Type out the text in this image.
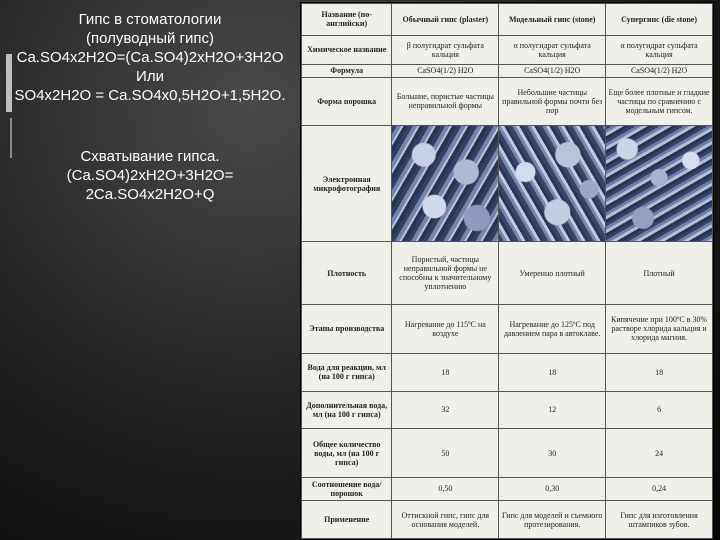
Гипс в стоматологии
(полуводный гипс)
Ca.SO4x2H2O=(Ca.SO4)2xH2O+3H2O
Или
SO4x2H2O = Ca.SO4x0,5H2O+1,5H2O.
Схватывание гипса.
(Ca.SO4)2xH2O+3H2O=
2Ca.SO4x2H2O+Q
Название (по-английски)	Обычный гипс (plaster)	Модельный гипс (stone)	Супергипс (die stone)
Химическое название	β полугидрат сульфата кальция	α полугидрат сульфата кальция	α полугидрат сульфата кальция
Формула	CaSO4(1/2) H2O	CaSO4(1/2) H2O	CaSO4(1/2) H2O
Форма порошка	Большие, пористые частицы неправильной формы	Небольшие частицы правильной формы почти без пор	Еще более плотные и гладкие частицы по сравнению с модельным гипсом.
Электронная микрофотография	

Плотность	Пористый, частицы неправильной формы не способны к значительному уплотнению	Умеренно плотный	Плотный
Этапы производства	Нагревание до 115ºC на воздухе	Нагревание до 125ºC под давлением пара в автоклаве.	Кипячение при 100ºC в 30% растворе хлорида кальция и хлорида магния.
Вода для реакции, мл (на 100 г гипса)	18	18	18
Дополнительная вода, мл (на 100 г гипса)	32	12	6
Общее количество воды, мл (на 100 г гипса)	50	30	24
Соотношение вода/порошок	0,50	0,30	0,24
Применение	Оттискной гипс, гипс для основания моделей.	Гипс для моделей и съемного протезирования.	Гипс для изготовления штампиков зубов.
